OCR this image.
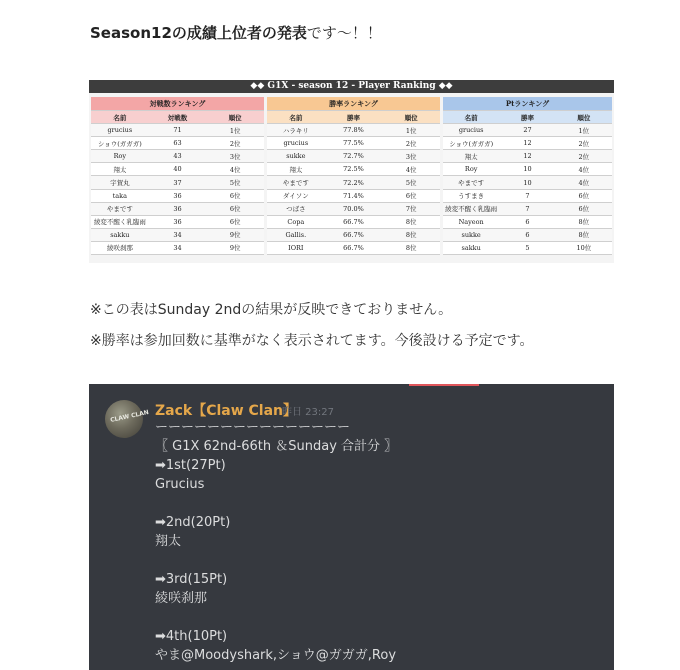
Season12の成績上位者の発表です～！！
◆◆ G1X - season 12 - Player Ranking ◆◆
対戦数ランキング		
名前	対戦数	順位
grucius	71	1位
ショウ(ガガガ)	63	2位
Roy	43	3位
翔太	40	4位
宇賀丸	37	5位
taka	36	6位
やまです	36	6位
綾変不醒く乳臨雨	36	6位
sakku	34	9位
綾咲刹那	34	9位
勝率ランキング		
名前	勝率	順位
ハラキリ	77.8%	1位
grucius	77.5%	2位
sukke	72.7%	3位
翔太	72.5%	4位
やまです	72.2%	5位
ダイソン	71.4%	6位
つばさ	70.0%	7位
Copa	66.7%	8位
Gallis.	66.7%	8位
IORI	66.7%	8位
Ptランキング		
名前	勝率	順位
grucius	27	1位
ショウ(ガガガ)	12	2位
翔太	12	2位
Roy	10	4位
やまです	10	4位
うすまき	7	6位
綾変不醒く乳臨雨	7	6位
Nayeon	6	8位
sukke	6	8位
sakku	5	10位
※この表はSunday 2ndの結果が反映できておりません。
※勝率は参加回数に基準がなく表示されてます。今後設ける予定です。
CLAW CLAN Zack【Claw Clan】
昨日 23:27
ーーーーーーーーーーーーーーー
〖 G1X 62nd-66th ＆Sunday 合計分 〗
➡1st(27Pt)
Grucius
➡2nd(20Pt)
翔太
➡3rd(15Pt)
綾咲刹那
➡4th(10Pt)
やま@Moodyshark,ショウ@ガガガ,Roy
